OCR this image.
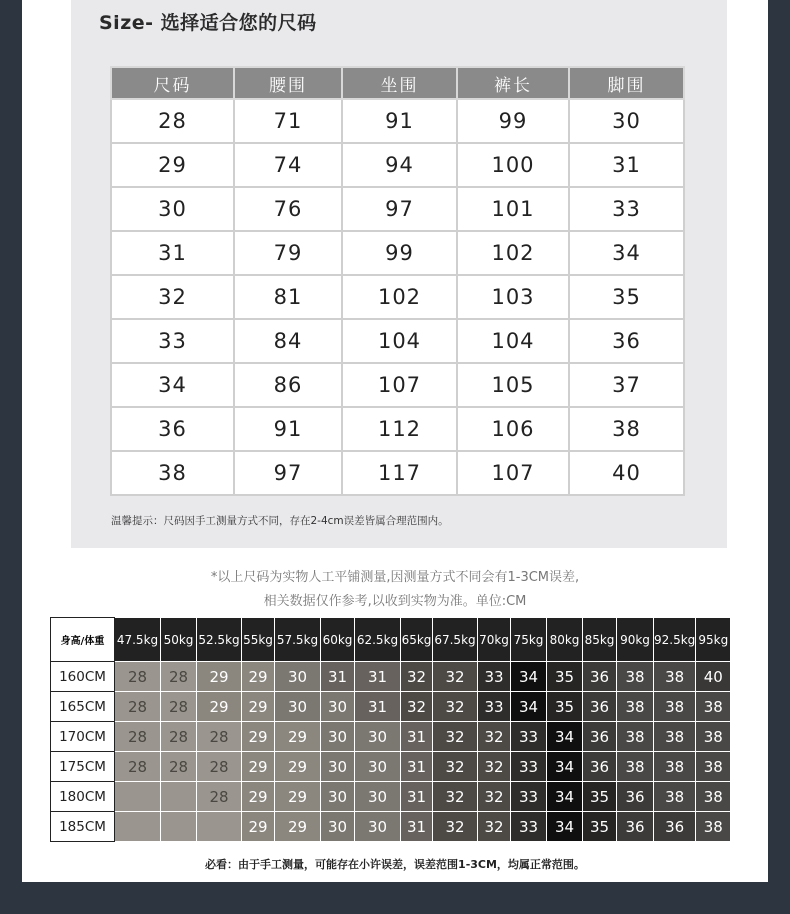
Size- 选择适合您的尺码
尺码	腰围	坐围	裤长	脚围
28	71	91	99	30
29	74	94	100	31
30	76	97	101	33
31	79	99	102	34
32	81	102	103	35
33	84	104	104	36
34	86	107	105	37
36	91	112	106	38
38	97	117	107	40
温馨提示：尺码因手工测量方式不同，存在2-4cm误差皆属合理范围内。
*以上尺码为实物人工平铺测量,因测量方式不同会有1-3CM误差,
相关数据仅作参考,以收到实物为准。单位:CM
身高/体重	47.5kg	50kg	52.5kg	55kg	57.5kg	60kg	62.5kg	65kg	67.5kg	70kg	75kg	80kg	85kg	90kg	92.5kg	95kg
160CM	28	28	29	29	30	31	31	32	32	33	34	35	36	38	38	40
165CM	28	28	29	29	30	30	31	32	32	33	34	35	36	38	38	38
170CM	28	28	28	29	29	30	30	31	32	32	33	34	36	38	38	38
175CM	28	28	28	29	29	30	30	31	32	32	33	34	36	38	38	38
180CM			28	29	29	30	30	31	32	32	33	34	35	36	38	38
185CM				29	29	30	30	31	32	32	33	34	35	36	36	38
必看：由于手工测量，可能存在小许误差，误差范围1-3CM，均属正常范围。
